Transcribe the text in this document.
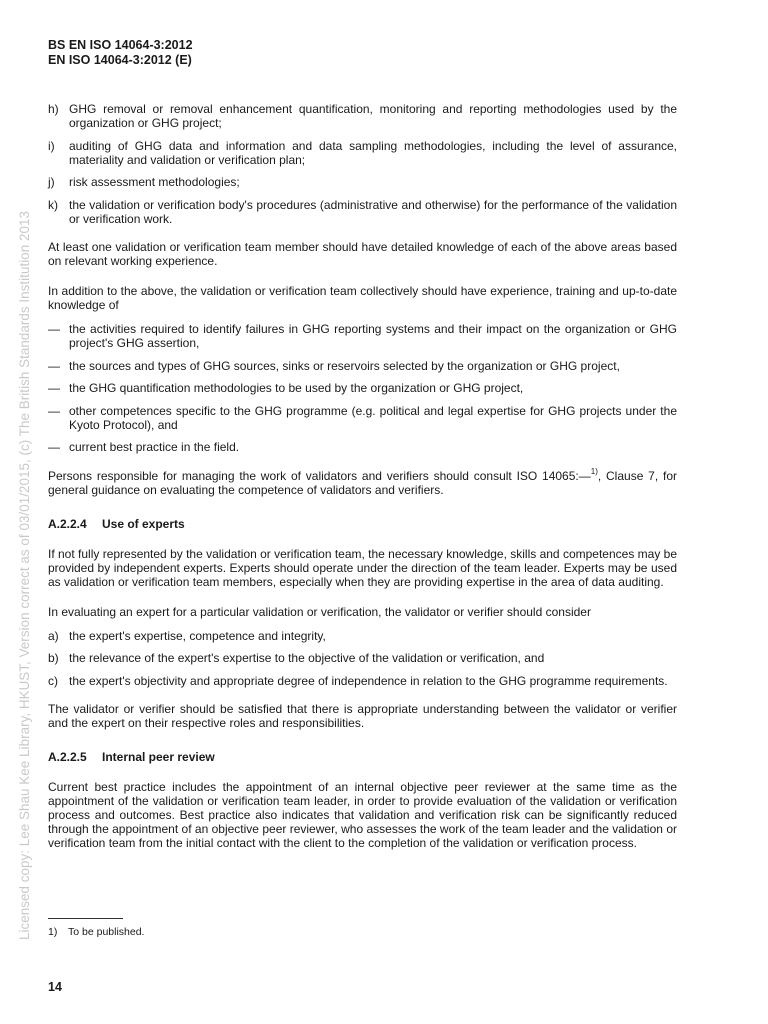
Licensed copy: Lee Shau Kee Library, HKUST, Version correct as of 03/01/2015, (c) The British Standards Institution 2013
BS EN ISO 14064-3:2012
EN ISO 14064-3:2012 (E)
h) GHG removal or removal enhancement quantification, monitoring and reporting methodologies used by the organization or GHG project;
i)	auditing of GHG data and information and data sampling methodologies, including the level of assurance, materiality and validation or verification plan;
j)	risk assessment methodologies;
k) the validation or verification body's procedures (administrative and otherwise) for the performance of the validation or verification work.

At least one validation or verification team member should have detailed knowledge of each of the above areas based on relevant working experience.

In addition to the above, the validation or verification team collectively should have experience, training and up-to-date knowledge of

— the activities required to identify failures in GHG reporting systems and their impact on the organization or GHG project's GHG assertion,
— the sources and types of GHG sources, sinks or reservoirs selected by the organization or GHG project,
— the GHG quantification methodologies to be used by the organization or GHG project,
— other competences specific to the GHG programme (e.g. political and legal expertise for GHG projects under the Kyoto Protocol), and
— current best practice in the field.

Persons responsible for managing the work of validators and verifiers should consult ISO 14065:—$^{1)}$, Clause 7, for general guidance on evaluating the competence of validators and verifiers.

A.2.2.4 Use of experts

If not fully represented by the validation or verification team, the necessary knowledge, skills and competences may be provided by independent experts. Experts should operate under the direction of the team leader. Experts may be used as validation or verification team members, especially when they are providing expertise in the area of data auditing.

In evaluating an expert for a particular validation or verification, the validator or verifier should consider

a) the expert's expertise, competence and integrity,
b) the relevance of the expert's expertise to the objective of the validation or verification, and
c) the expert's objectivity and appropriate degree of independence in relation to the GHG programme requirements.

The validator or verifier should be satisfied that there is appropriate understanding between the validator or verifier and the expert on their respective roles and responsibilities.

A.2.2.5 Internal peer review

Current best practice includes the appointment of an internal objective peer reviewer at the same time as the appointment of the validation or verification team leader, in order to provide evaluation of the validation or verification process and outcomes. Best practice also indicates that validation and verification risk can be significantly reduced through the appointment of an objective peer reviewer, who assesses the work of the team leader and the validation or verification team from the initial contact with the client to the completion of the validation or verification process.

1) To be published.
14
